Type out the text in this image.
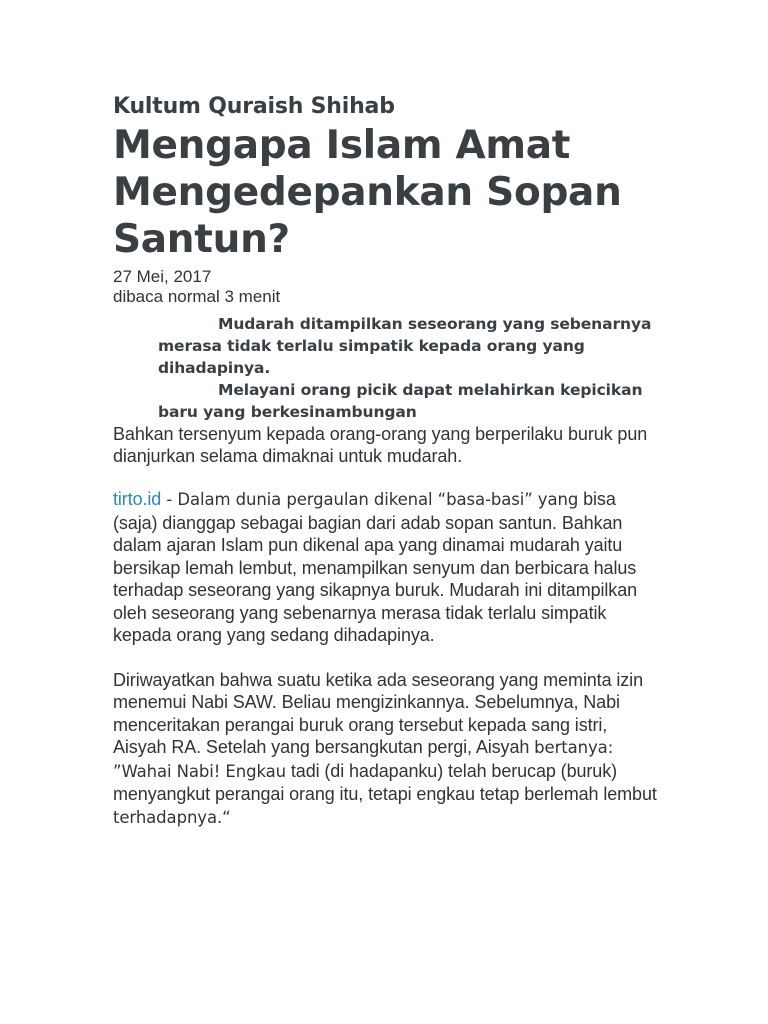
Kultum Quraish Shihab
Mengapa Islam Amat Mengedepankan Sopan Santun?

27 Mei, 2017

dibaca normal 3 menit

Mudarah ditampilkan seseorang yang sebenarnya merasa tidak terlalu simpatik kepada orang yang dihadapinya.

Melayani orang picik dapat melahirkan kepicikan baru yang berkesinambungan

Bahkan tersenyum kepada orang-orang yang berperilaku buruk pun dianjurkan selama dimaknai untuk mudarah.

tirto.id - Dalam dunia pergaulan dikenal “basa-basi” yang bisa (saja) dianggap sebagai bagian dari adab sopan santun. Bahkan dalam ajaran Islam pun dikenal apa yang dinamai mudarah yaitu bersikap lemah lembut, menampilkan senyum dan berbicara halus terhadap seseorang yang sikapnya buruk. Mudarah ini ditampilkan oleh seseorang yang sebenarnya merasa tidak terlalu simpatik kepada orang yang sedang dihadapinya.

Diriwayatkan bahwa suatu ketika ada seseorang yang meminta izin menemui Nabi SAW. Beliau mengizinkannya. Sebelumnya, Nabi menceritakan perangai buruk orang tersebut kepada sang istri, Aisyah RA. Setelah yang bersangkutan pergi, Aisyah bertanya: ”Wahai Nabi! Engkau tadi (di hadapanku) telah berucap (buruk) menyangkut perangai orang itu, tetapi engkau tetap berlemah lembut terhadapnya.“
